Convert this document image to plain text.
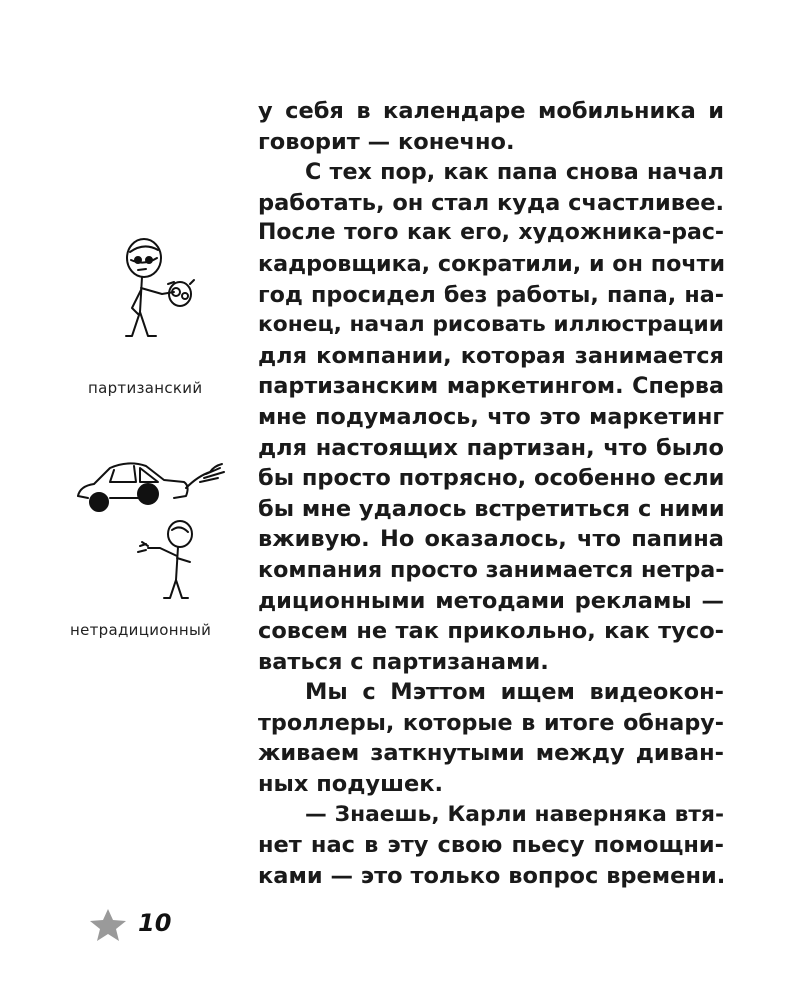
у себя в календаре мобильника и
говорит — конечно.
С тех пор, как папа снова начал
работать, он стал куда счастливее.
После того как его, художника-рас-
кадровщика, сократили, и он почти
год просидел без работы, папа, на-
конец, начал рисовать иллюстрации
для компании, которая занимается
партизанским маркетингом. Сперва
мне подумалось, что это маркетинг
для настоящих партизан, что было
бы просто потрясно, особенно если
бы мне удалось встретиться с ними
вживую. Но оказалось, что папина
компания просто занимается нетра-
диционными методами рекламы —
совсем не так прикольно, как тусо-
ваться с партизанами.
Мы с Мэттом ищем видеокон-
троллеры, которые в итоге обнару-
живаем заткнутыми между диван-
ных подушек.
— Знаешь, Карли наверняка втя-
нет нас в эту свою пьесу помощни-
ками — это только вопрос времени.
партизанский
нетрадиционный
10
